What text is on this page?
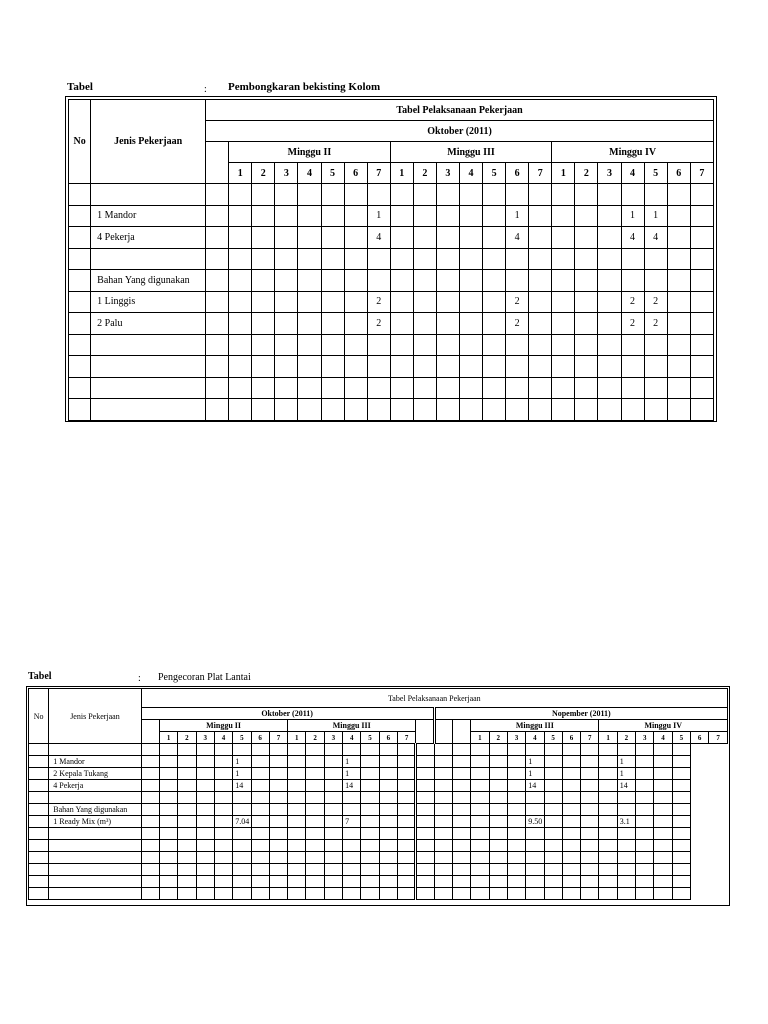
Tabel	: Pembongkaran bekisting Kolom
No	Jenis Pekerjaan	Tabel Pelaksanaan Pekerjaan																					
		Oktober (2011)																					
			Minggu II							Minggu III							Minggu IV						
			1	2	3	4	5	6	7	1	2	3	4	5	6	7	1	2	3	4	5	6	7

	1 Mandor								1						1					1	1		
	4 Pekerja								4						4					4	4		

	Bahan Yang digunakan																						
	1 Linggis								2						2					2	2		
	2 Palu								2						2					2	2		

Tabel	: Pengecoran Plat Lantai
No	Jenis Pekerjaan	Tabel Pelaksanaan Pekerjaan																															
		Oktober (2011)																Nopember (2011)															
			Minggu II							Minggu III										Minggu III							Minggu IV						
			1	2	3	4	5	6	7	1	2	3	4	5	6	7				1	2	3	4	5	6	7	1	2	3	4	5	6	7

	1 Mandor						1						1										1					1					
	2 Kepala Tukang						1						1										1					1					
	4 Pekerja						14						14										14					14					

	Bahan Yang digunakan																																
	1 Ready Mix (m³)						7.04						7										9.50					3.1					
